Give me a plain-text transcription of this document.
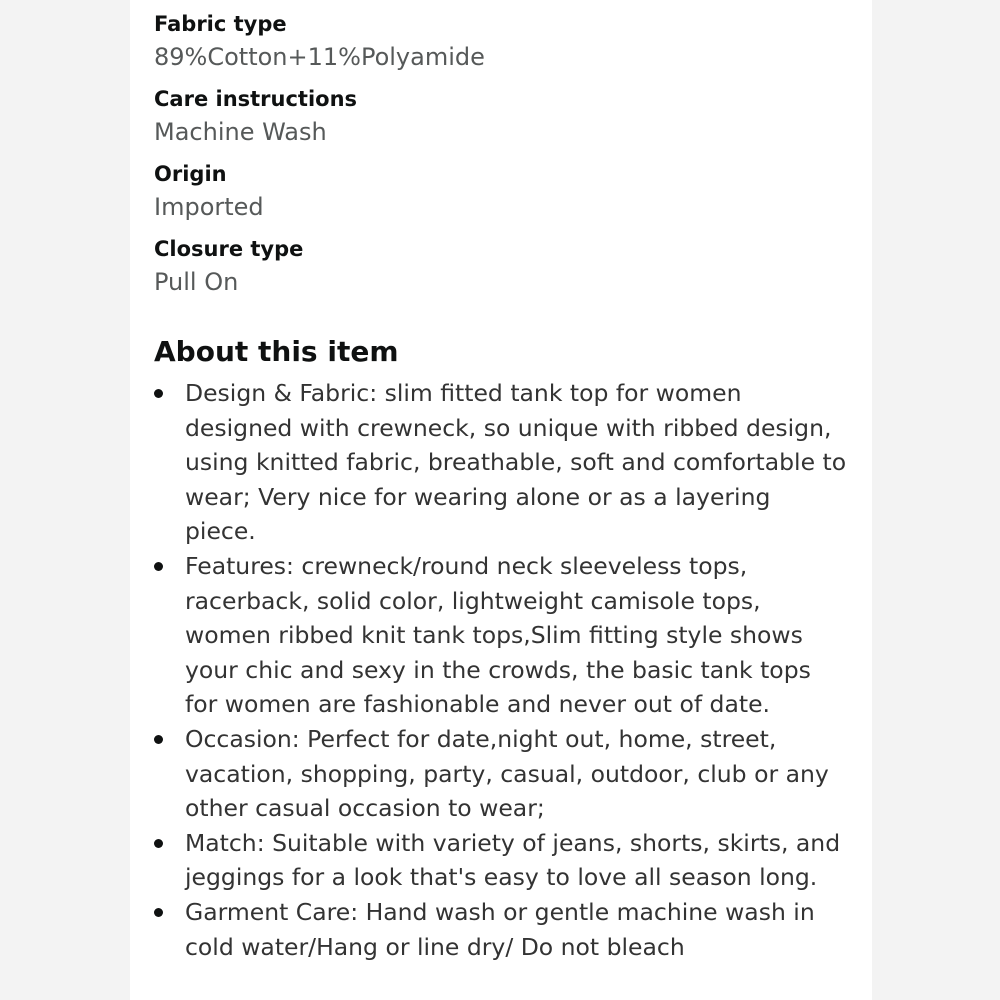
Fabric type
89%Cotton+11%Polyamide
Care instructions
Machine Wash
Origin
Imported
Closure type
Pull On
About this item
Design & Fabric: slim fitted tank top for women designed with crewneck, so unique with ribbed design, using knitted fabric, breathable, soft and comfortable to wear; Very nice for wearing alone or as a layering piece.
Features: crewneck/round neck sleeveless tops, racerback, solid color, lightweight camisole tops, women ribbed knit tank tops,Slim fitting style shows your chic and sexy in the crowds, the basic tank tops for women are fashionable and never out of date.
Occasion: Perfect for date,night out, home, street, vacation, shopping, party, casual, outdoor, club or any other casual occasion to wear;
Match: Suitable with variety of jeans, shorts, skirts, and jeggings for a look that's easy to love all season long.
Garment Care: Hand wash or gentle machine wash in cold water/Hang or line dry/ Do not bleach
